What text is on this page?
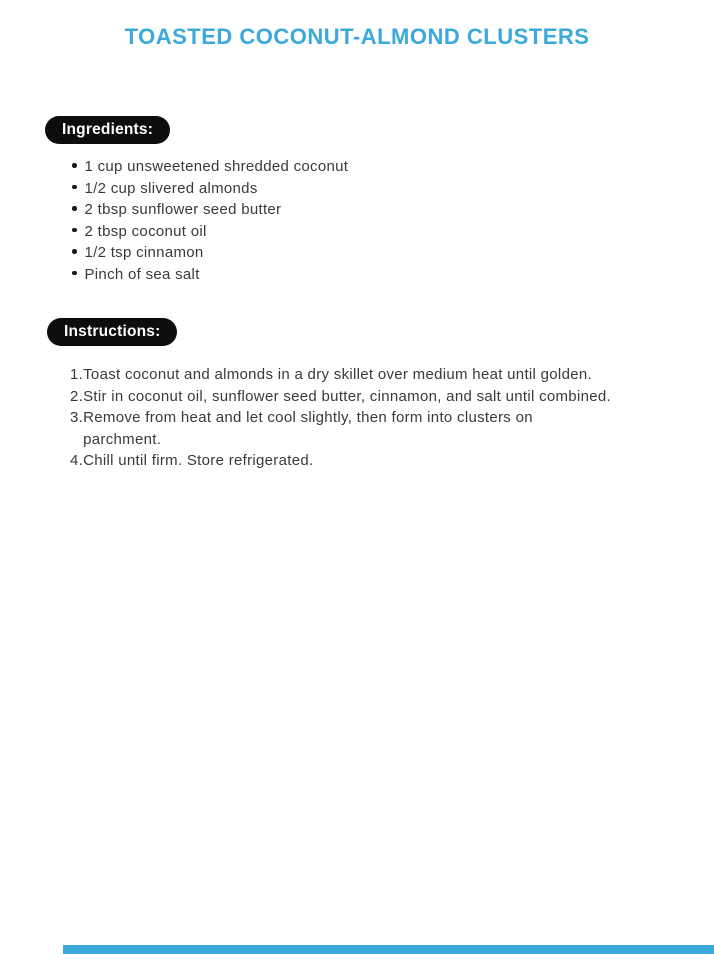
TOASTED COCONUT-ALMOND CLUSTERS
Ingredients:
1 cup unsweetened shredded coconut
1/2 cup slivered almonds
2 tbsp sunflower seed butter
2 tbsp coconut oil
1/2 tsp cinnamon
Pinch of sea salt
Instructions:
1. Toast coconut and almonds in a dry skillet over medium heat until golden.
2. Stir in coconut oil, sunflower seed butter, cinnamon, and salt until combined.
3. Remove from heat and let cool slightly, then form into clusters on parchment.
4. Chill until firm. Store refrigerated.
